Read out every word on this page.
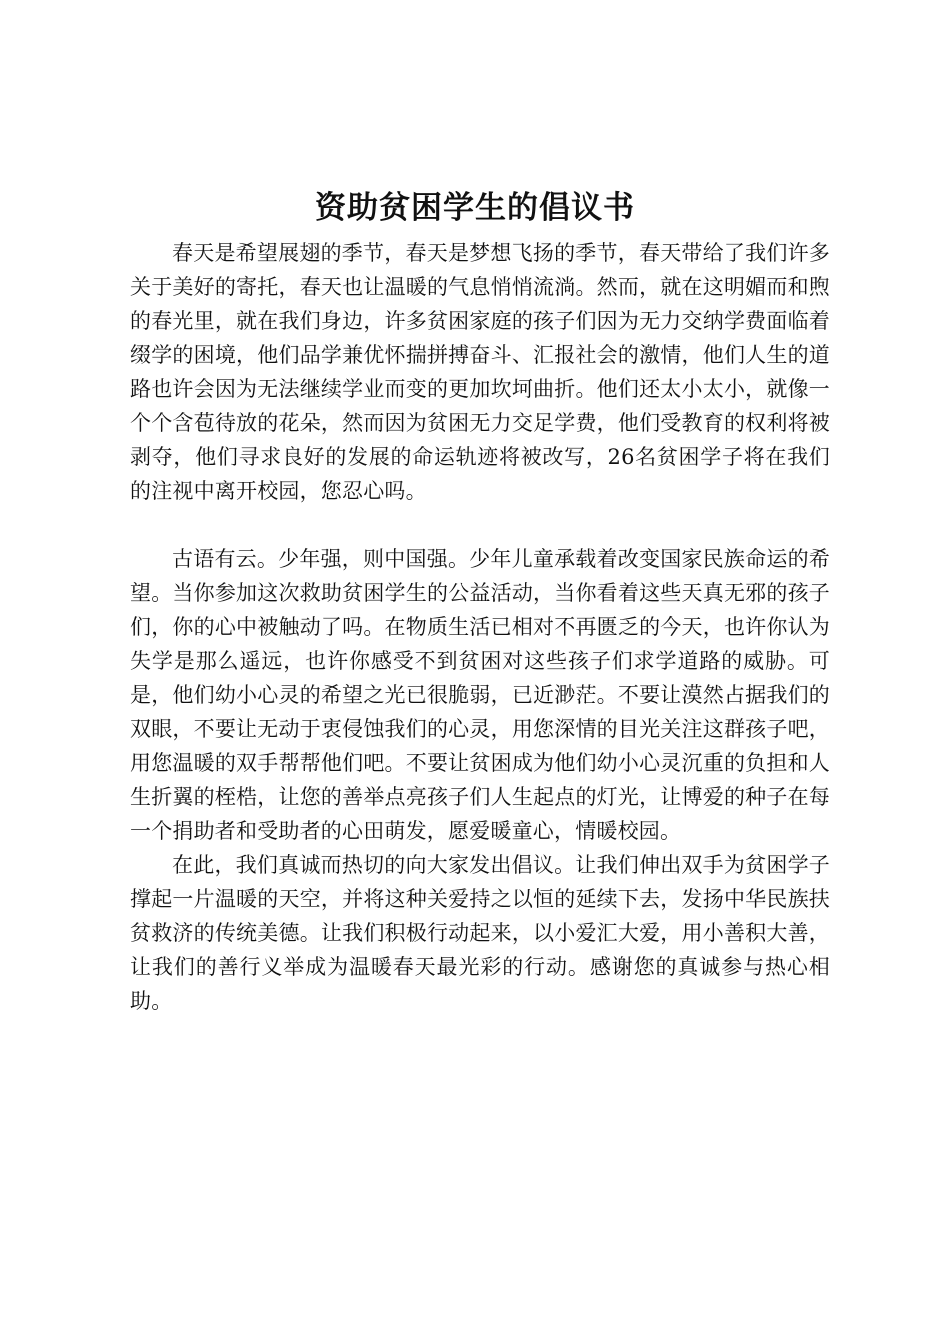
资助贫困学生的倡议书

春天是希望展翅的季节，春天是梦想飞扬的季节，春天带给了我们许多关于美好的寄托，春天也让温暖的气息悄悄流淌。然而，就在这明媚而和煦的春光里，就在我们身边，许多贫困家庭的孩子们因为无力交纳学费面临着缀学的困境，他们品学兼优怀揣拼搏奋斗、汇报社会的激情，他们人生的道路也许会因为无法继续学业而变的更加坎坷曲折。他们还太小太小，就像一个个含苞待放的花朵，然而因为贫困无力交足学费，他们受教育的权利将被剥夺，他们寻求良好的发展的命运轨迹将被改写，26名贫困学子将在我们的注视中离开校园，您忍心吗。

古语有云。少年强，则中国强。少年儿童承载着改变国家民族命运的希望。当你参加这次救助贫困学生的公益活动，当你看着这些天真无邪的孩子们，你的心中被触动了吗。在物质生活已相对不再匮乏的今天，也许你认为失学是那么遥远，也许你感受不到贫困对这些孩子们求学道路的威胁。可是，他们幼小心灵的希望之光已很脆弱，已近渺茫。不要让漠然占据我们的双眼，不要让无动于衷侵蚀我们的心灵，用您深情的目光关注这群孩子吧，用您温暖的双手帮帮他们吧。不要让贫困成为他们幼小心灵沉重的负担和人生折翼的桎梏，让您的善举点亮孩子们人生起点的灯光，让博爱的种子在每一个捐助者和受助者的心田萌发，愿爱暖童心，情暖校园。

在此，我们真诚而热切的向大家发出倡议。让我们伸出双手为贫困学子撑起一片温暖的天空，并将这种关爱持之以恒的延续下去，发扬中华民族扶贫救济的传统美德。让我们积极行动起来，以小爱汇大爱，用小善积大善，让我们的善行义举成为温暖春天最光彩的行动。感谢您的真诚参与热心相助。
